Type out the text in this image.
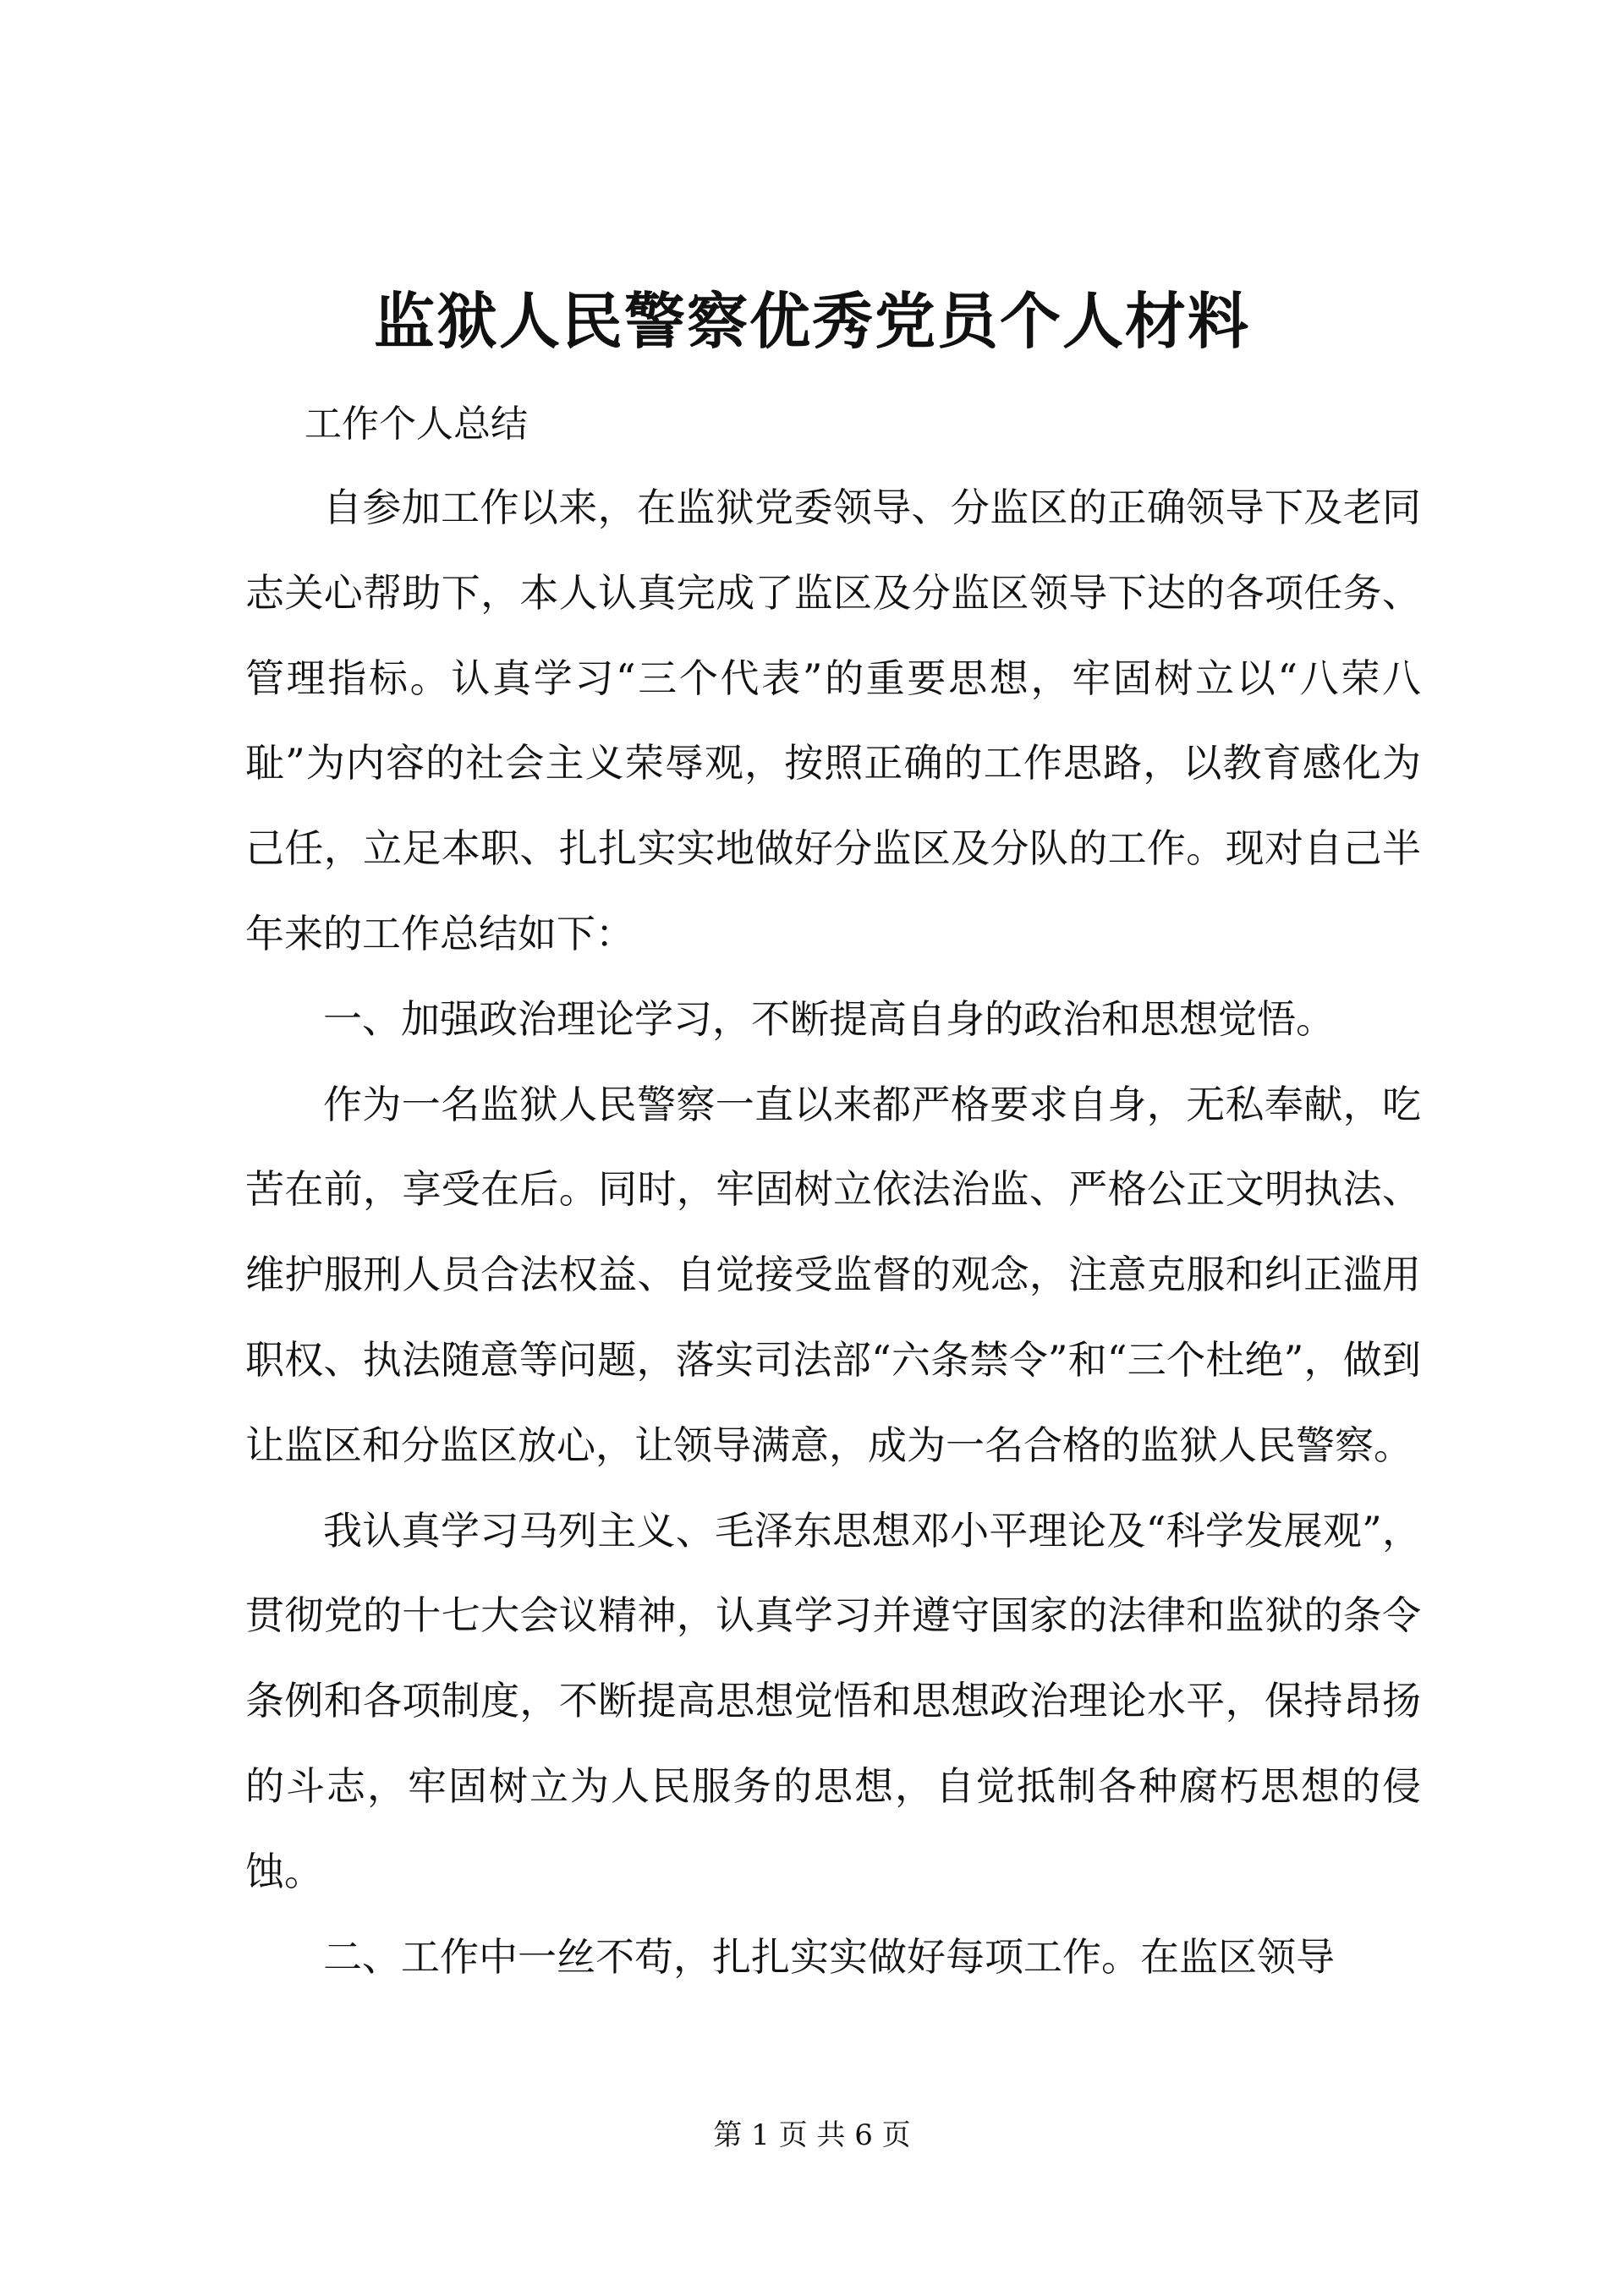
监狱人民警察优秀党员个人材料

工作个人总结

自参加工作以来，在监狱党委领导、分监区的正确领导下及老同志关心帮助下，本人认真完成了监区及分监区领导下达的各项任务、管理指标。认真学习“三个代表”的重要思想，牢固树立以“八荣八耻”为内容的社会主义荣辱观，按照正确的工作思路，以教育感化为己任，立足本职、扎扎实实地做好分监区及分队的工作。现对自己半年来的工作总结如下：

一、加强政治理论学习，不断提高自身的政治和思想觉悟。

作为一名监狱人民警察一直以来都严格要求自身，无私奉献，吃苦在前，享受在后。同时，牢固树立依法治监、严格公正文明执法、维护服刑人员合法权益、自觉接受监督的观念，注意克服和纠正滥用职权、执法随意等问题，落实司法部“六条禁令”和“三个杜绝”，做到让监区和分监区放心，让领导满意，成为一名合格的监狱人民警察。

我认真学习马列主义、毛泽东思想邓小平理论及“科学发展观”，贯彻党的十七大会议精神，认真学习并遵守国家的法律和监狱的条令条例和各项制度，不断提高思想觉悟和思想政治理论水平，保持昂扬的斗志，牢固树立为人民服务的思想，自觉抵制各种腐朽思想的侵蚀。

二、工作中一丝不苟，扎扎实实做好每项工作。在监区领导

第 1 页 共 6 页
